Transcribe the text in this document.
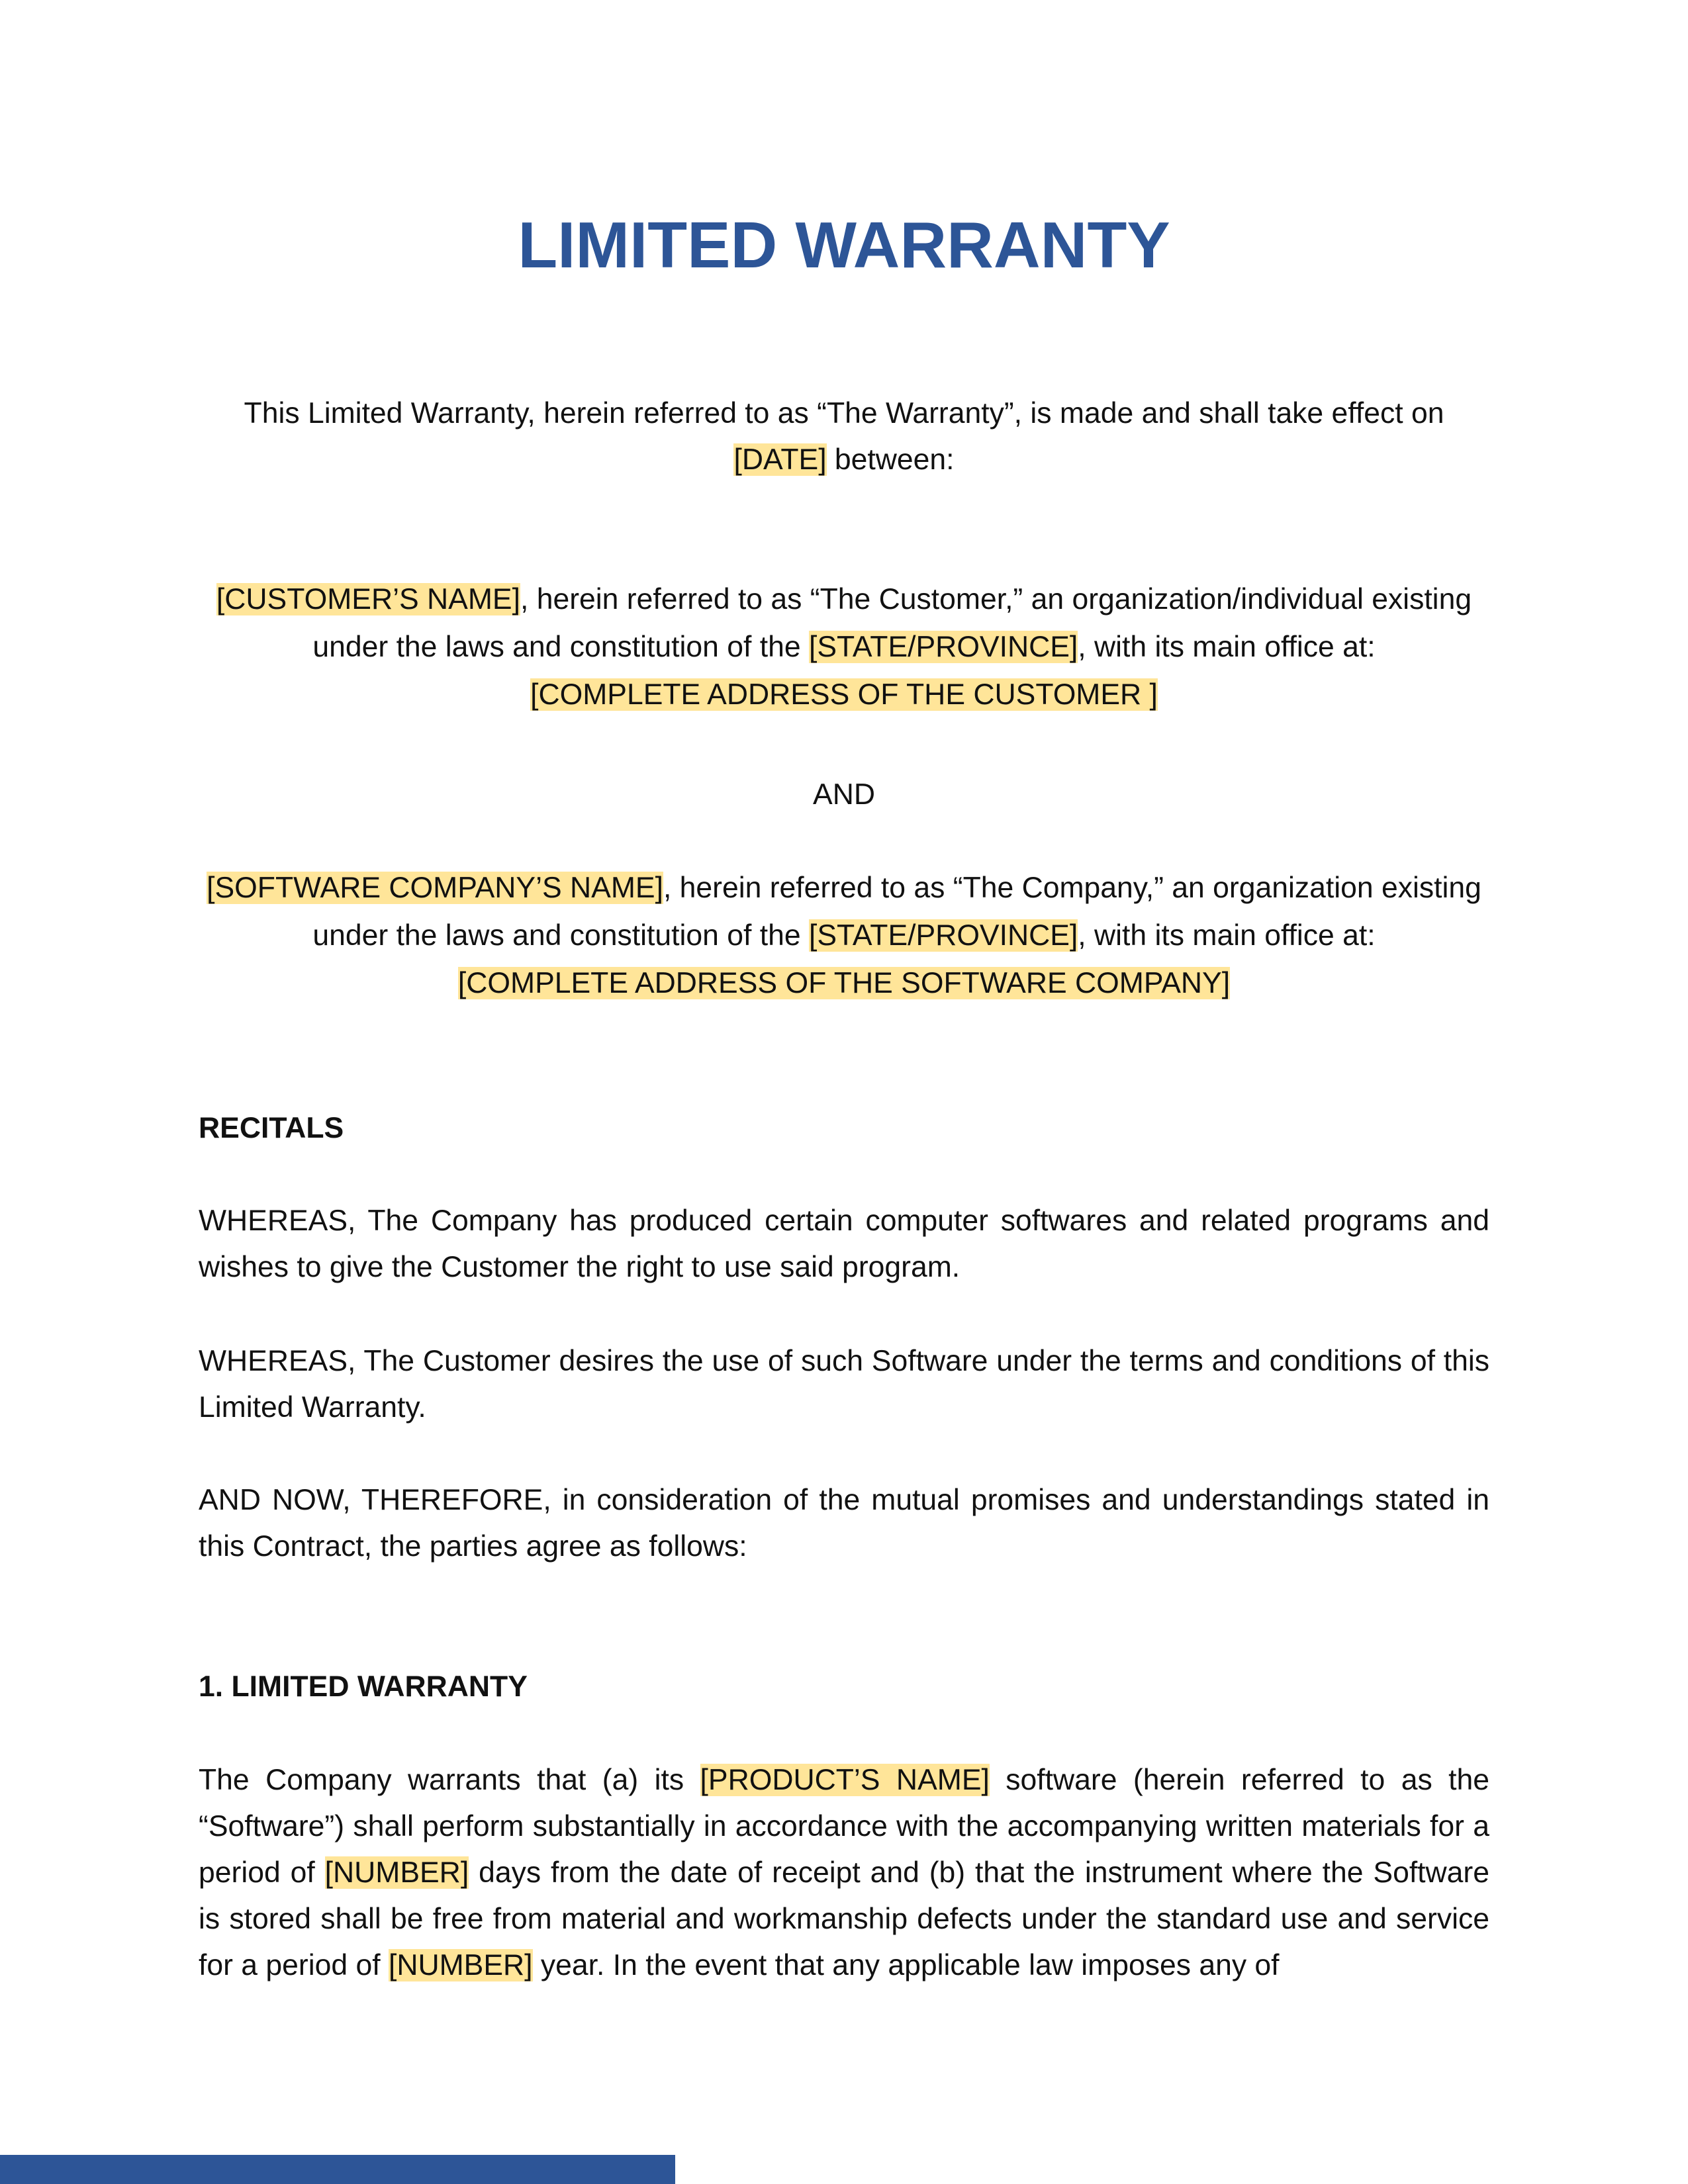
LIMITED WARRANTY

This Limited Warranty, herein referred to as “The Warranty”, is made and shall take effect on
[DATE] between:

[CUSTOMER’S NAME], herein referred to as “The Customer,” an organization/individual existing under the laws and constitution of the [STATE/PROVINCE], with its main office at:
[COMPLETE ADDRESS OF THE CUSTOMER ]

AND

[SOFTWARE COMPANY’S NAME], herein referred to as “The Company,” an organization existing under the laws and constitution of the [STATE/PROVINCE], with its main office at:
[COMPLETE ADDRESS OF THE SOFTWARE COMPANY]

RECITALS

WHEREAS, The Company has produced certain computer softwares and related programs and wishes to give the Customer the right to use said program.

WHEREAS, The Customer desires the use of such Software under the terms and conditions of this Limited Warranty.

AND NOW, THEREFORE, in consideration of the mutual promises and understandings stated in this Contract, the parties agree as follows:

1. LIMITED WARRANTY

The Company warrants that (a) its [PRODUCT’S NAME] software (herein referred to as the “Software”) shall perform substantially in accordance with the accompanying written materials for a period of [NUMBER] days from the date of receipt and (b) that the instrument where the Software is stored shall be free from material and workmanship defects under the standard use and service for a period of [NUMBER] year. In the event that any applicable law imposes any of
